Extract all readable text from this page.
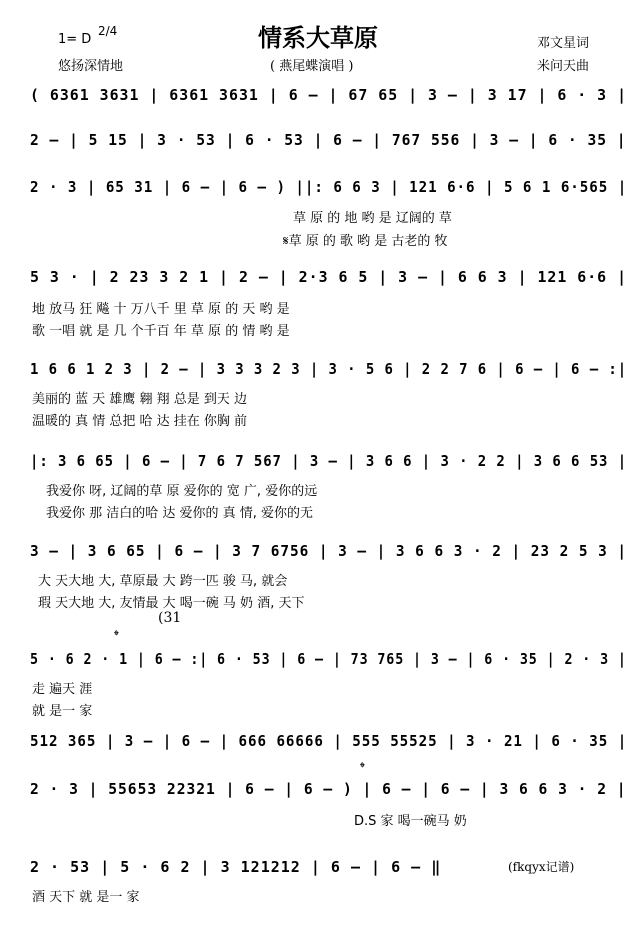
1= D
2/4	情系大草原
( 燕尾蝶演唱 )
邓文星词
米问天曲
悠扬深情地
( 6361 3631 | 6361 3631 | 6 – | 67 65 | 3 – | 3 17 | 6 · 3 |
2 – | 5 15 | 3 · 53 | 6 · 53 | 6 – | 767 556 | 3 – | 6 · 35 |
2 · 3 | 65 31 | 6 – | 6 – ) ||: 6 6 3 | 121 6·6 | 5 6 1 6·565 |
草 原 的 地 哟 是 辽阔的 草
𝄋草 原 的 歌 哟 是 古老的 牧
5 3 · | 2 23 3 2 1 | 2 – | 2·3 6 5 | 3 – | 6 6 3 | 121 6·6 |
地 放马 狂 飚 十 万八千 里 草 原 的 天 哟 是
歌 一唱 就 是 几 个千百 年 草 原 的 情 哟 是
1 6 6 1 2 3 | 2 – | 3 3 3 2 3 | 3 · 5 6 | 2 2 7 6 | 6 – | 6 – :|
美丽的 蓝 天 雄鹰 翱 翔 总是 到天 边
温暖的 真 情 总把 哈 达 挂在 你胸 前
|: 3 6 65 | 6 – | 7 6 7 567 | 3 – | 3 6 6 | 3 · 2 2 | 3 6 6 53 |
我爱你 呀, 辽阔的草 原 爱你的 宽 广, 爱你的远
我爱你 那 洁白的哈 达 爱你的 真 情, 爱你的无
3 – | 3 6 65 | 6 – | 3 7 6756 | 3 – | 3 6 6 3 · 2 | 23 2 5 3 |
大 天大地 大, 草原最 大 跨一匹 骏 马, 就会
瑕 天大地 大, 友情最 大 喝一碗 马 奶 酒, 天下
(31
𝄌
5 · 6 2 · 1 | 6 – :| 6 · 53 | 6 – | 73 765 | 3 – | 6 · 35 | 2 · 3 |
走 遍天 涯
就 是一 家
512 365 | 3 – | 6 – | 666 66666 | 555 55525 | 3 · 21 | 6 · 35 |
𝄌
2 · 3 | 55653 22321 | 6 – | 6 – ) | 6 – | 6 – | 3 6 6 3 · 2 |
D.S 家 喝一碗马 奶
2 · 53 | 5 · 6 2 | 3 121212 | 6 – | 6 – ‖
酒 天下 就 是一 家
(fkqyx记谱)
